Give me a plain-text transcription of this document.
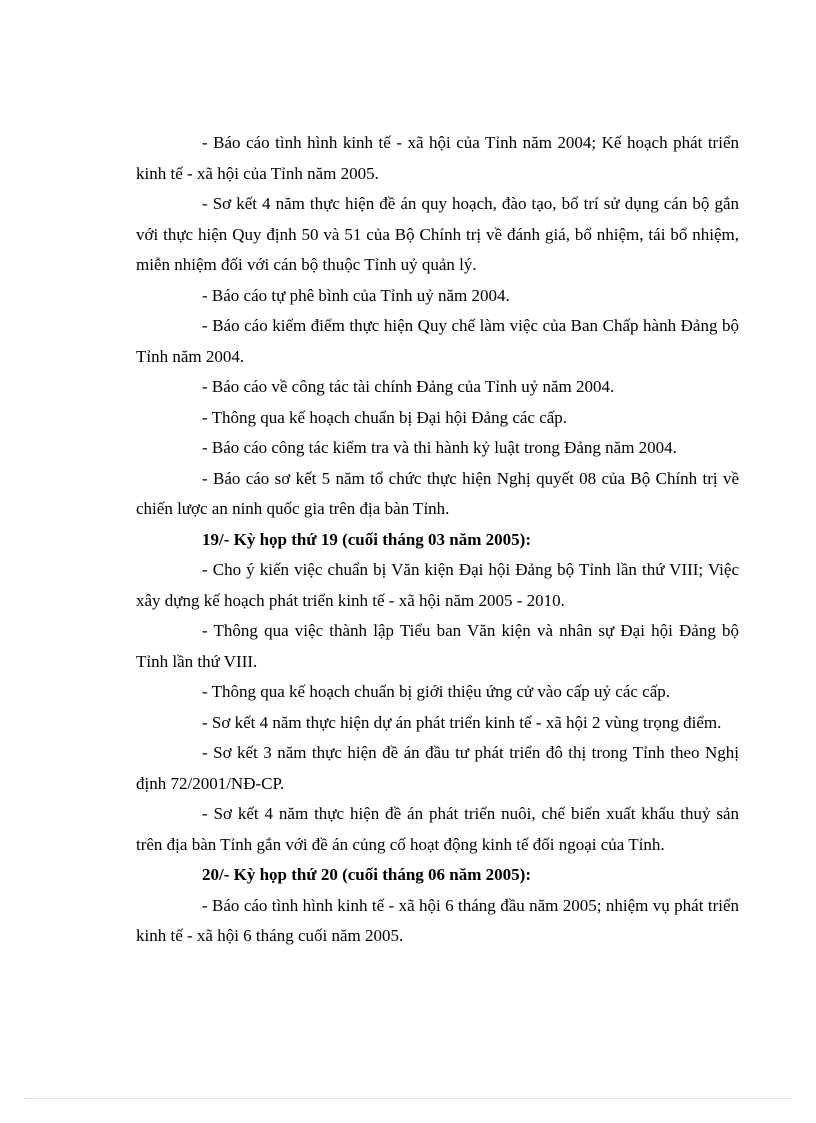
- Báo cáo tình hình kinh tế - xã hội của Tỉnh năm 2004; Kế hoạch phát triển kinh tế - xã hội của Tỉnh năm 2005.

- Sơ kết 4 năm thực hiện đề án quy hoạch, đào tạo, bố trí sử dụng cán bộ gắn với thực hiện Quy định 50 và 51 của Bộ Chính trị về đánh giá, bổ nhiệm, tái bổ nhiệm, miễn nhiệm đối với cán bộ thuộc Tỉnh uỷ quản lý.

- Báo cáo tự phê bình của Tỉnh uỷ năm 2004.

- Báo cáo kiểm điểm thực hiện Quy chế làm việc của Ban Chấp hành Đảng bộ Tỉnh năm 2004.

- Báo cáo về công tác tài chính Đảng của Tỉnh uỷ năm 2004.

- Thông qua kế hoạch chuẩn bị Đại hội Đảng các cấp.

- Báo cáo công tác kiểm tra và thi hành kỷ luật trong Đảng năm 2004.

- Báo cáo sơ kết 5 năm tổ chức thực hiện Nghị quyết 08 của Bộ Chính trị về chiến lược an ninh quốc gia trên địa bàn Tỉnh.

19/- Kỳ họp thứ 19 (cuối tháng 03 năm 2005):

- Cho ý kiến việc chuẩn bị Văn kiện Đại hội Đảng bộ Tỉnh lần thứ VIII; Việc xây dựng kế hoạch phát triển kinh tế - xã hội năm 2005 - 2010.

- Thông qua việc thành lập Tiểu ban Văn kiện và nhân sự Đại hội Đảng bộ Tỉnh lần thứ VIII.

- Thông qua kế hoạch chuẩn bị giới thiệu ứng cử vào cấp uỷ các cấp.

- Sơ kết 4 năm thực hiện dự án phát triển kinh tế - xã hội 2 vùng trọng điểm.

- Sơ kết 3 năm thực hiện đề án đầu tư phát triển đô thị trong Tỉnh theo Nghị định 72/2001/NĐ-CP.

- Sơ kết 4 năm thực hiện đề án phát triển nuôi, chế biến xuất khẩu thuỷ sản trên địa bàn Tỉnh gắn với đề án củng cố hoạt động kinh tế đối ngoại của Tỉnh.

20/- Kỳ họp thứ 20 (cuối tháng 06 năm 2005):

- Báo cáo tình hình kinh tế - xã hội 6 tháng đầu năm 2005; nhiệm vụ phát triển kinh tế - xã hội 6 tháng cuối năm 2005.
